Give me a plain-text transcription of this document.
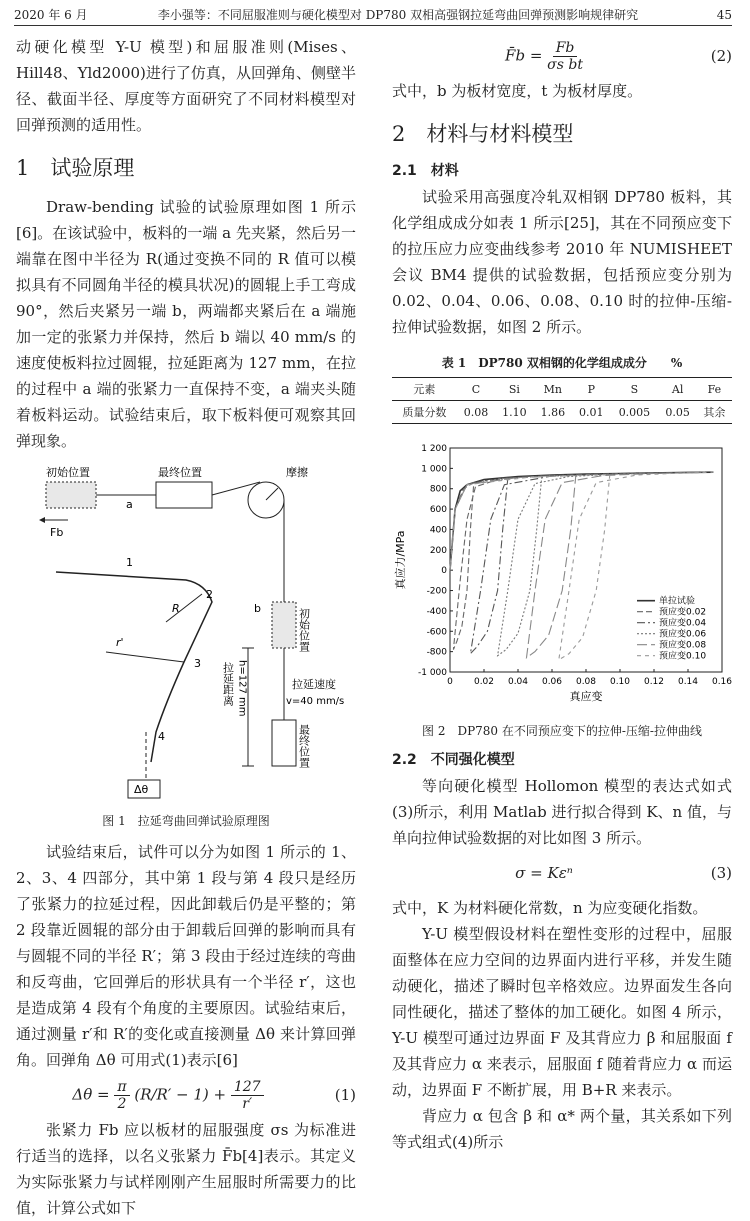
2020 年 6 月	李小强等：不同屈服准则与硬化模型对 DP780 双相高强钢拉延弯曲回弹预测影响规律研究	45

动硬化模型 Y-U 模型)和屈服准则(Mises、Hill48、Yld2000)进行了仿真，从回弹角、侧壁半径、截面半径、厚度等方面研究了不同材料模型对回弹预测的适用性。

1　试验原理

Draw-bending 试验的试验原理如图 1 所示[6]。在该试验中，板料的一端 a 先夹紧，然后另一端靠在图中半径为 R(通过变换不同的 R 值可以模拟具有不同圆角半径的模具状况)的圆辊上手工弯成 90°，然后夹紧另一端 b，两端都夹紧后在 a 端施加一定的张紧力并保持，然后 b 端以 40 mm/s 的速度使板料拉过圆辊，拉延距离为 127 mm，在拉的过程中 a 端的张紧力一直保持不变，a 端夹头随着板料运动。试验结束后，取下板料便可观察其回弹现象。

Fb
初始位置	最终位置
a
摩擦
1
2
3
4
R
r'
Δθ
b	初始位置
最终位置
拉延距离 h=127 mm	拉延速度
v=40 mm/s
图 1　拉延弯曲回弹试验原理图

试验结束后，试件可以分为如图 1 所示的 1、2、3、4 四部分，其中第 1 段与第 4 段只是经历了张紧力的拉延过程，因此卸载后仍是平整的；第 2 段靠近圆辊的部分由于卸载后回弹的影响而具有与圆辊不同的半径 R′；第 3 段由于经过连续的弯曲和反弯曲，它回弹后的形状具有一个半径 r′，这也是造成第 4 段有个角度的主要原因。试验结束后，通过测量 r′和 R′的变化或直接测量 Δθ 来计算回弹角。回弹角 Δθ 可用式(1)表示[6]

$\Delta\theta = \frac{\pi}{2} (R/R' - 1) + \frac{127}{r'}$	(1)

张紧力 Fb 应以板材的屈服强度 σs 为标准进行适当的选择，以名义张紧力 F̄b[4]表示。其定义为实际张紧力与试样刚刚产生屈服时所需要力的比值，计算公式如下

F̄b = $\frac{Fb}{\text{σs bt}}$	(2)

式中，b 为板材宽度，t 为板材厚度。

2　材料与材料模型
2.1　材料

试验采用高强度冷轧双相钢 DP780 板料，其化学组成成分如表 1 所示[25]，其在不同预应变下的拉压应力应变曲线参考 2010 年 NUMISHEET 会议 BM4 提供的试验数据，包括预应变分别为 0.02、0.04、0.06、0.08、0.10 时的拉伸-压缩-拉伸试验数据，如图 2 所示。

表 1　DP780 双相钢的化学组成成分　　%
元素	C	Si	Mn	P	S	Al	Fe
质量分数	0.08	1.10	1.86	0.01	0.005	0.05	其余
0 0.02 0.04 0.06 0.08 0.10 0.12 0.14 0.16
-1 000
-800
-600
-400
-200
0
200
400
600
800
1 000
1 200
真应变
真应力/MPa
单拉试验
预应变0.02
预应变0.04
预应变0.06
预应变0.08
预应变0.10
图 2　DP780 在不同预应变下的拉伸-压缩-拉伸曲线
2.2　不同强化模型

等向硬化模型 Hollomon 模型的表达式如式(3)所示，利用 Matlab 进行拟合得到 K、n 值，与单向拉伸试验数据的对比如图 3 所示。

σ = Kεⁿ	(3)

式中，K 为材料硬化常数，n 为应变硬化指数。

Y-U 模型假设材料在塑性变形的过程中，屈服面整体在应力空间的边界面内进行平移，并发生随动硬化，描述了瞬时包辛格效应。边界面发生各向同性硬化，描述了整体的加工硬化。如图 4 所示，Y-U 模型可通过边界面 F 及其背应力 β 和屈服面 f 及其背应力 α 来表示，屈服面 f 随着背应力 α 而运动，边界面 F 不断扩展，用 B+R 来表示。

背应力 α 包含 β 和 α* 两个量，其关系如下列等式组式(4)所示
